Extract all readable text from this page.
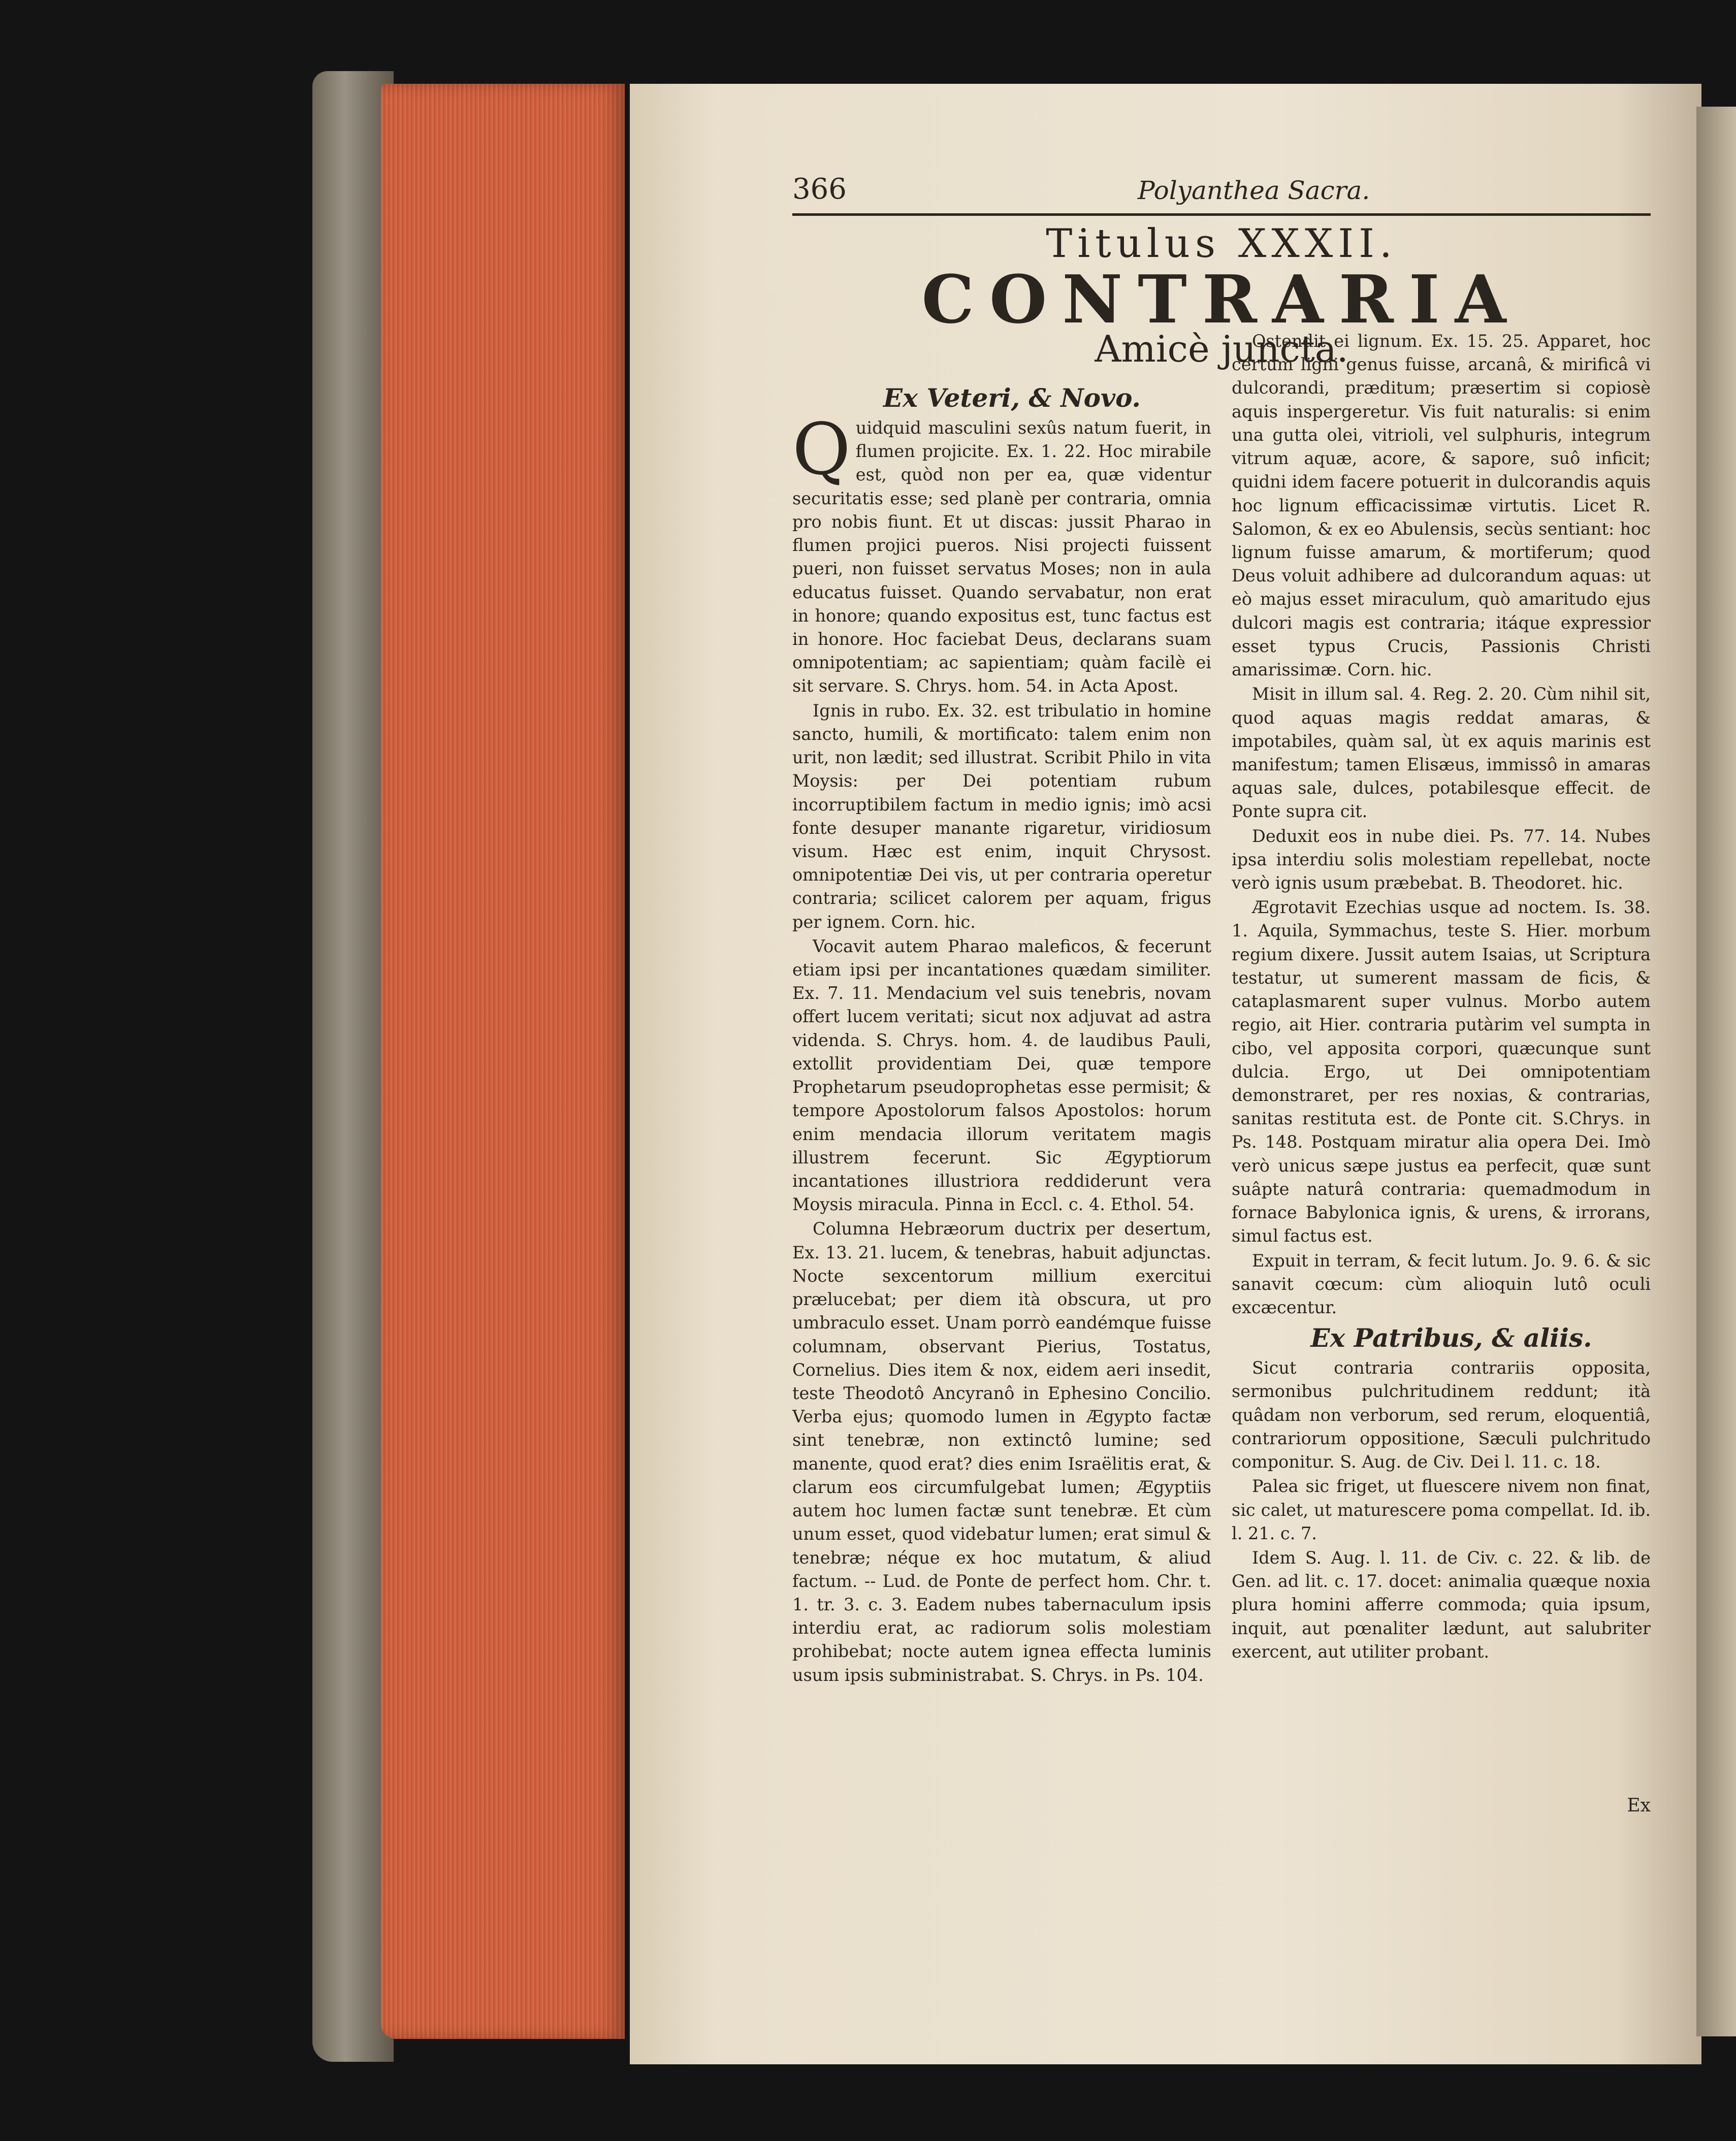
366	Polyanthea Sacra.
Titulus XXXII.
CONTRARIA
Amicè juncta.

Ex Veteri, & Novo.

Quidquid masculini sexûs natum fuerit, in flumen projicite. Ex. 1. 22. Hoc mirabile est, quòd non per ea, quæ videntur securitatis esse; sed planè per contraria, omnia pro nobis fiunt. Et ut discas: jussit Pharao in flumen projici pueros. Nisi projecti fuissent pueri, non fuisset servatus Moses; non in aula educatus fuisset. Quando servabatur, non erat in honore; quando expositus est, tunc factus est in honore. Hoc faciebat Deus, declarans suam omnipotentiam; ac sapientiam; quàm facilè ei sit servare. S. Chrys. hom. 54. in Acta Apost.

Ignis in rubo. Ex. 32. est tribulatio in homine sancto, humili, & mortificato: talem enim non urit, non lædit; sed illustrat. Scribit Philo in vita Moysis: per Dei potentiam rubum incorruptibilem factum in medio ignis; imò acsi fonte desuper manante rigaretur, viridiosum visum. Hæc est enim, inquit Chrysost. omnipotentiæ Dei vis, ut per contraria operetur contraria; scilicet calorem per aquam, frigus per ignem. Corn. hic.

Vocavit autem Pharao maleficos, & fecerunt etiam ipsi per incantationes quædam similiter. Ex. 7. 11. Mendacium vel suis tenebris, novam offert lucem veritati; sicut nox adjuvat ad astra videnda. S. Chrys. hom. 4. de laudibus Pauli, extollit providentiam Dei, quæ tempore Prophetarum pseudoprophetas esse permisit; & tempore Apostolorum falsos Apostolos: horum enim mendacia illorum veritatem magis illustrem fecerunt. Sic Ægyptiorum incantationes illustriora reddiderunt vera Moysis miracula. Pinna in Eccl. c. 4. Ethol. 54.

Columna Hebræorum ductrix per desertum, Ex. 13. 21. lucem, & tenebras, habuit adjunctas. Nocte sexcentorum millium exercitui prælucebat; per diem ità obscura, ut pro umbraculo esset. Unam porrò eandémque fuisse columnam, observant Pierius, Tostatus, Cornelius. Dies item & nox, eidem aeri insedit, teste Theodotô Ancyranô in Ephesino Concilio. Verba ejus; quomodo lumen in Ægypto factæ sint tenebræ, non extinctô lumine; sed manente, quod erat? dies enim Israëlitis erat, & clarum eos circumfulgebat lumen; Ægyptiis autem hoc lumen factæ sunt tenebræ. Et cùm unum esset, quod videbatur lumen; erat simul & tenebræ; néque ex hoc mutatum, & aliud factum. -- Lud. de Ponte de perfect hom. Chr. t. 1. tr. 3. c. 3. Eadem nubes tabernaculum ipsis interdiu erat, ac radiorum solis molestiam prohibebat; nocte autem ignea effecta luminis usum ipsis subministrabat. S. Chrys. in Ps. 104.

Ostendit ei lignum. Ex. 15. 25. Apparet, hoc certum ligni genus fuisse, arcanâ, & mirificâ vi dulcorandi, præditum; præsertim si copiosè aquis inspergeretur. Vis fuit naturalis: si enim una gutta olei, vitrioli, vel sulphuris, integrum vitrum aquæ, acore, & sapore, suô inficit; quidni idem facere potuerit in dulcorandis aquis hoc lignum efficacissimæ virtutis. Licet R. Salomon, & ex eo Abulensis, secùs sentiant: hoc lignum fuisse amarum, & mortiferum; quod Deus voluit adhibere ad dulcorandum aquas: ut eò majus esset miraculum, quò amaritudo ejus dulcori magis est contraria; itáque expressior esset typus Crucis, Passionis Christi amarissimæ. Corn. hic.

Misit in illum sal. 4. Reg. 2. 20. Cùm nihil sit, quod aquas magis reddat amaras, & impotabiles, quàm sal, ùt ex aquis marinis est manifestum; tamen Elisæus, immissô in amaras aquas sale, dulces, potabilesque effecit. de Ponte supra cit.

Deduxit eos in nube diei. Ps. 77. 14. Nubes ipsa interdiu solis molestiam repellebat, nocte verò ignis usum præbebat. B. Theodoret. hic.

Ægrotavit Ezechias usque ad noctem. Is. 38. 1. Aquila, Symmachus, teste S. Hier. morbum regium dixere. Jussit autem Isaias, ut Scriptura testatur, ut sumerent massam de ficis, & cataplasmarent super vulnus. Morbo autem regio, ait Hier. contraria putàrim vel sumpta in cibo, vel apposita corpori, quæcunque sunt dulcia. Ergo, ut Dei omnipotentiam demonstraret, per res noxias, & contrarias, sanitas restituta est. de Ponte cit. S.Chrys. in Ps. 148. Postquam miratur alia opera Dei. Imò verò unicus sæpe justus ea perfecit, quæ sunt suâpte naturâ contraria: quemadmodum in fornace Babylonica ignis, & urens, & irrorans, simul factus est.

Expuit in terram, & fecit lutum. Jo. 9. 6. & sic sanavit cœcum: cùm alioquin lutô oculi excæcentur.

Ex Patribus, & aliis.

Sicut contraria contrariis opposita, sermonibus pulchritudinem reddunt; ità quâdam non verborum, sed rerum, eloquentiâ, contrariorum oppositione, Sæculi pulchritudo componitur. S. Aug. de Civ. Dei l. 11. c. 18.

Palea sic friget, ut fluescere nivem non finat, sic calet, ut maturescere poma compellat. Id. ib. l. 21. c. 7.

Idem S. Aug. l. 11. de Civ. c. 22. & lib. de Gen. ad lit. c. 17. docet: animalia quæque noxia plura homini afferre commoda; quia ipsum, inquit, aut pœnaliter lædunt, aut salubriter exercent, aut utiliter probant.

Ex
